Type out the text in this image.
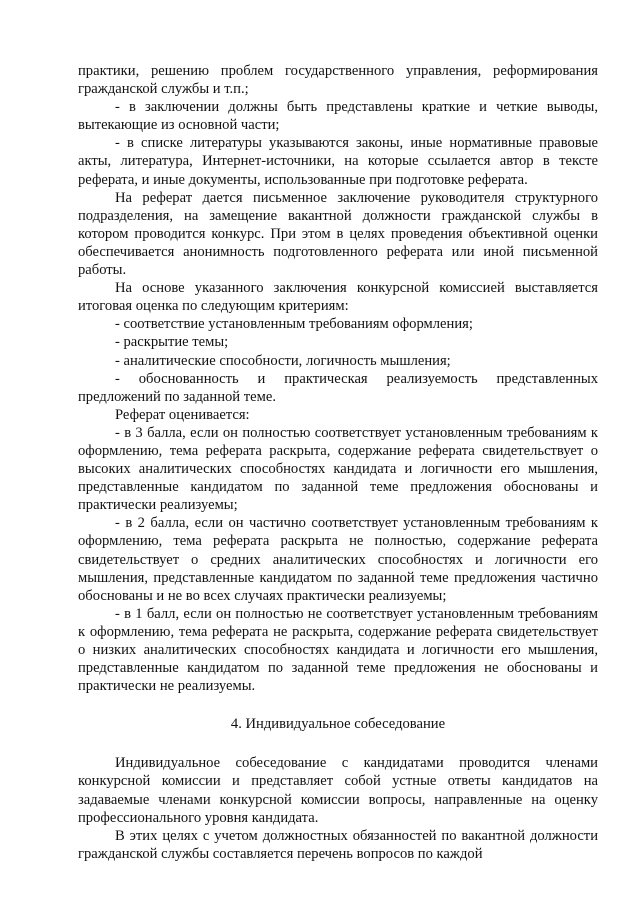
практики, решению проблем государственного управления, реформирования гражданской службы и т.п.;

- в заключении должны быть представлены краткие и четкие выводы, вытекающие из основной части;

- в списке литературы указываются законы, иные нормативные правовые акты, литература, Интернет-источники, на которые ссылается автор в тексте реферата, и иные документы, использованные при подготовке реферата.

На реферат дается письменное заключение руководителя структурного подразделения, на замещение вакантной должности гражданской службы в котором проводится конкурс. При этом в целях проведения объективной оценки обеспечивается анонимность подготовленного реферата или иной письменной работы.

На основе указанного заключения конкурсной комиссией выставляется итоговая оценка по следующим критериям:

- соответствие установленным требованиям оформления;

- раскрытие темы;

- аналитические способности, логичность мышления;

- обоснованность и практическая реализуемость представленных предложений по заданной теме.

Реферат оценивается:

- в 3 балла, если он полностью соответствует установленным требованиям к оформлению, тема реферата раскрыта, содержание реферата свидетельствует о высоких аналитических способностях кандидата и логичности его мышления, представленные кандидатом по заданной теме предложения обоснованы и практически реализуемы;

- в 2 балла, если он частично соответствует установленным требованиям к оформлению, тема реферата раскрыта не полностью, содержание реферата свидетельствует о средних аналитических способностях и логичности его мышления, представленные кандидатом по заданной теме предложения частично обоснованы и не во всех случаях практически реализуемы;

- в 1 балл, если он полностью не соответствует установленным требованиям к оформлению, тема реферата не раскрыта, содержание реферата свидетельствует о низких аналитических способностях кандидата и логичности его мышления, представленные кандидатом по заданной теме предложения не обоснованы и практически не реализуемы.

4. Индивидуальное собеседование

Индивидуальное собеседование с кандидатами проводится членами конкурсной комиссии и представляет собой устные ответы кандидатов на задаваемые членами конкурсной комиссии вопросы, направленные на оценку профессионального уровня кандидата.

В этих целях с учетом должностных обязанностей по вакантной должности гражданской службы составляется перечень вопросов по каждой
